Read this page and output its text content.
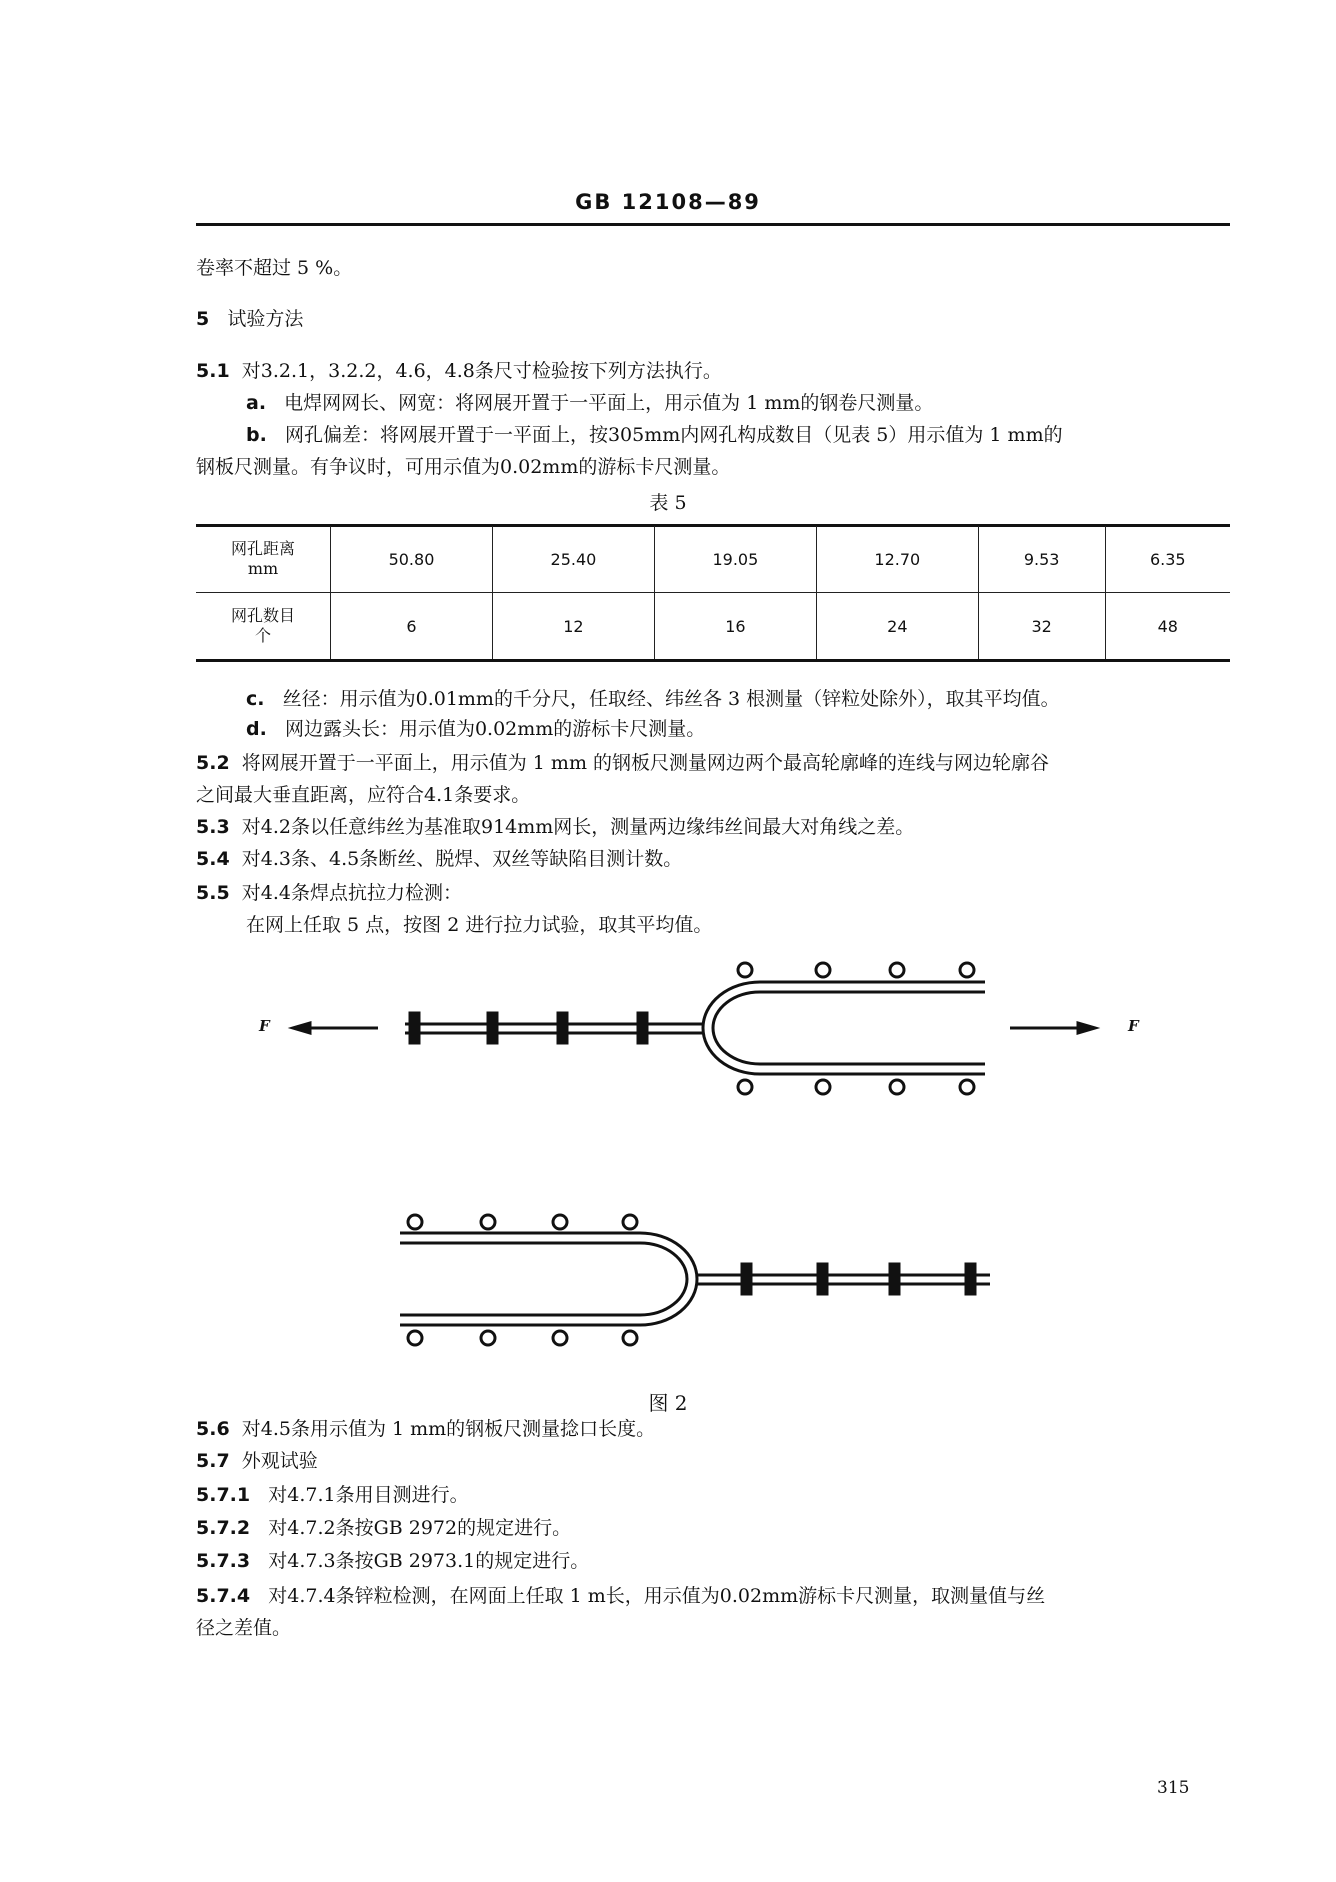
GB 12108—89
卷率不超过 5 %。
5 试验方法
5.1 对3.2.1，3.2.2，4.6，4.8条尺寸检验按下列方法执行。
a. 电焊网网长、网宽：将网展开置于一平面上，用示值为 1 mm的钢卷尺测量。
b. 网孔偏差：将网展开置于一平面上，按305mm内网孔构成数目（见表 5）用示值为 1 mm的
钢板尺测量。有争议时，可用示值为0.02mm的游标卡尺测量。
表 5
网孔距离
mm	50.80	25.40	19.05	12.70	9.53	6.35
网孔数目
个	6	12	16	24	32	48
c. 丝径：用示值为0.01mm的千分尺，任取经、纬丝各 3 根测量（锌粒处除外），取其平均值。
d. 网边露头长：用示值为0.02mm的游标卡尺测量。
5.2 将网展开置于一平面上，用示值为 1 mm 的钢板尺测量网边两个最高轮廓峰的连线与网边轮廓谷
之间最大垂直距离，应符合4.1条要求。
5.3 对4.2条以任意纬丝为基准取914mm网长，测量两边缘纬丝间最大对角线之差。
5.4 对4.3条、4.5条断丝、脱焊、双丝等缺陷目测计数。
5.5 对4.4条焊点抗拉力检测：
在网上任取 5 点，按图 2 进行拉力试验，取其平均值。
F	F
图 2
5.6 对4.5条用示值为 1 mm的钢板尺测量捻口长度。
5.7 外观试验
5.7.1 对4.7.1条用目测进行。
5.7.2 对4.7.2条按GB 2972的规定进行。
5.7.3 对4.7.3条按GB 2973.1的规定进行。
5.7.4 对4.7.4条锌粒检测，在网面上任取 1 m长，用示值为0.02mm游标卡尺测量，取测量值与丝
径之差值。
315
